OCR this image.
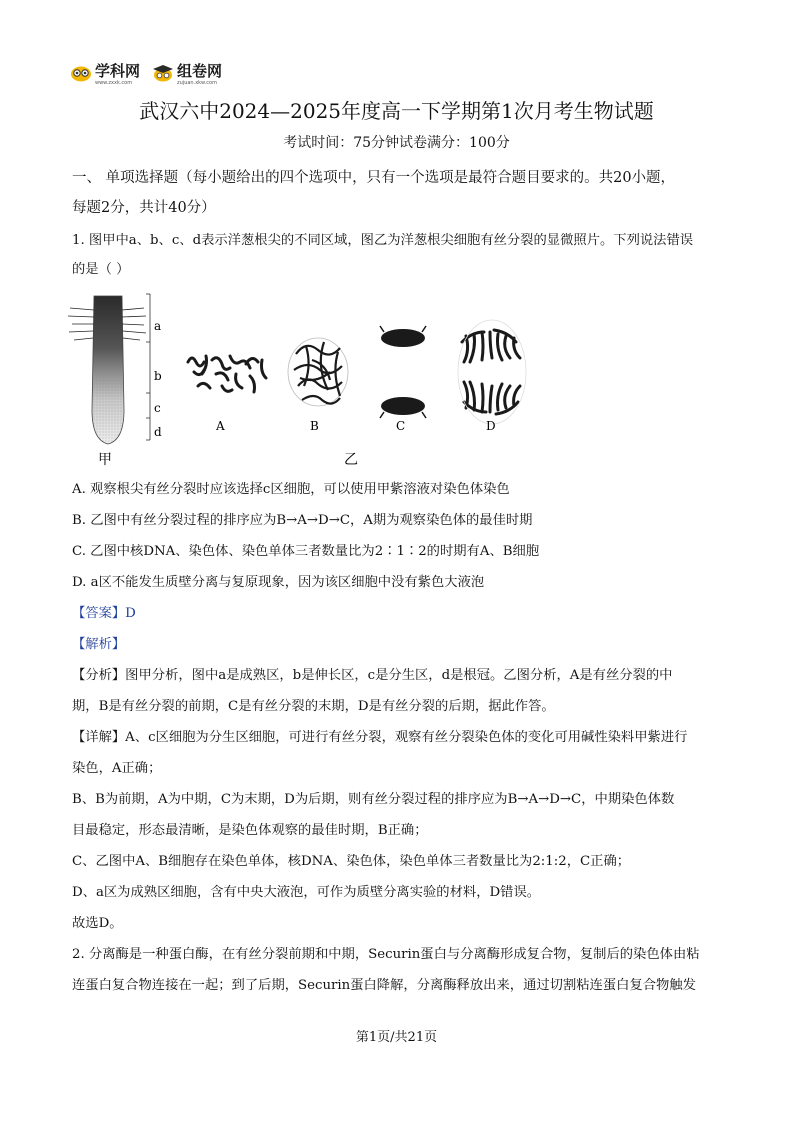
学科网
www.zxxk.com
组卷网
zujuan.xkw.com
武汉六中2024—2025年度高一下学期第1次月考生物试题
考试时间：75分钟试卷满分：100分
一、 单项选择题（每小题给出的四个选项中，只有一个选项是最符合题目要求的。共20小题，
每题2分，共计40分）
1. 图甲中a、b、c、d表示洋葱根尖的不同区域，图乙为洋葱根尖细胞有丝分裂的显微照片。下列说法错误
的是（ ）
a
b
c
d	A	B	C	D
甲	乙
A. 观察根尖有丝分裂时应该选择c区细胞，可以使用甲紫溶液对染色体染色
B. 乙图中有丝分裂过程的排序应为B→A→D→C，A期为观察染色体的最佳时期
C. 乙图中核DNA、染色体、染色单体三者数量比为2∶1∶2的时期有A、B细胞
D. a区不能发生质壁分离与复原现象，因为该区细胞中没有紫色大液泡
【答案】D
【解析】
【分析】图甲分析，图中a是成熟区，b是伸长区，c是分生区，d是根冠。乙图分析，A是有丝分裂的中
期，B是有丝分裂的前期，C是有丝分裂的末期，D是有丝分裂的后期，据此作答。
【详解】A、c区细胞为分生区细胞，可进行有丝分裂，观察有丝分裂染色体的变化可用碱性染料甲紫进行
染色，A正确；
B、B为前期，A为中期，C为末期，D为后期，则有丝分裂过程的排序应为B→A→D→C，中期染色体数
目最稳定，形态最清晰，是染色体观察的最佳时期，B正确；
C、乙图中A、B细胞存在染色单体，核DNA、染色体，染色单体三者数量比为2:1:2，C正确；
D、a区为成熟区细胞，含有中央大液泡，可作为质壁分离实验的材料，D错误。
故选D。
2. 分离酶是一种蛋白酶，在有丝分裂前期和中期，Securin蛋白与分离酶形成复合物，复制后的染色体由粘
连蛋白复合物连接在一起；到了后期，Securin蛋白降解，分离酶释放出来，通过切割粘连蛋白复合物触发
第1页/共21页
